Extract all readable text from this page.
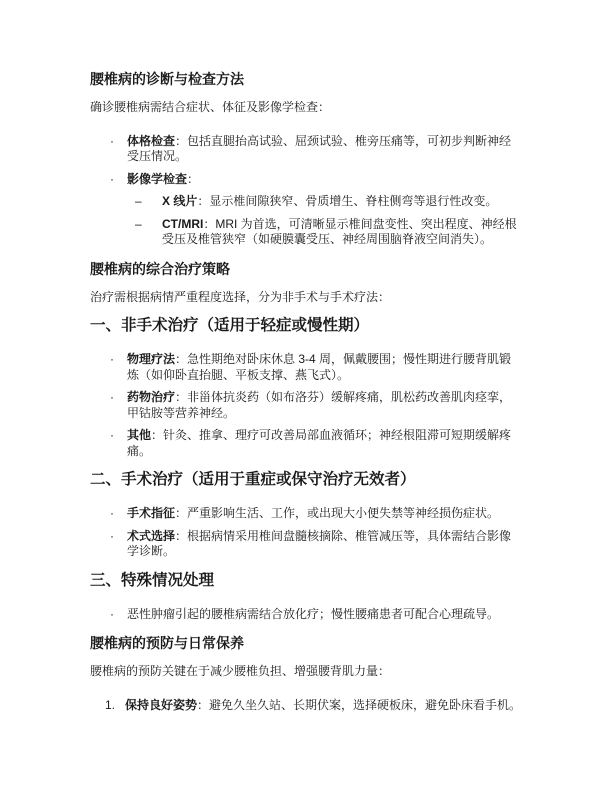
腰椎病的诊断与检查方法
确诊腰椎病需结合症状、体征及影像学检查：
·	体格检查：包括直腿抬高试验、屈颈试验、椎旁压痛等，可初步判断神经受压情况。
·	影像学检查：
–	X 线片：显示椎间隙狭窄、骨质增生、脊柱侧弯等退行性改变。
–	CT/MRI：MRI 为首选，可清晰显示椎间盘变性、突出程度、神经根受压及椎管狭窄（如硬膜囊受压、神经周围脑脊液空间消失）。
腰椎病的综合治疗策略
治疗需根据病情严重程度选择，分为非手术与手术疗法：
一、非手术治疗（适用于轻症或慢性期）
·	物理疗法：急性期绝对卧床休息 3-4 周，佩戴腰围；慢性期进行腰背肌锻炼（如仰卧直抬腿、平板支撑、燕飞式）。
·	药物治疗：非甾体抗炎药（如布洛芬）缓解疼痛，肌松药改善肌肉痉挛，甲钴胺等营养神经。
·	其他：针灸、推拿、理疗可改善局部血液循环；神经根阻滞可短期缓解疼痛。
二、手术治疗（适用于重症或保守治疗无效者）
·	手术指征：严重影响生活、工作，或出现大小便失禁等神经损伤症状。
·	术式选择：根据病情采用椎间盘髓核摘除、椎管减压等，具体需结合影像学诊断。
三、特殊情况处理
·	恶性肿瘤引起的腰椎病需结合放化疗；慢性腰痛患者可配合心理疏导。
腰椎病的预防与日常保养
腰椎病的预防关键在于减少腰椎负担、增强腰背肌力量：
1. 保持良好姿势：避免久坐久站、长期伏案，选择硬板床，避免卧床看手机。
